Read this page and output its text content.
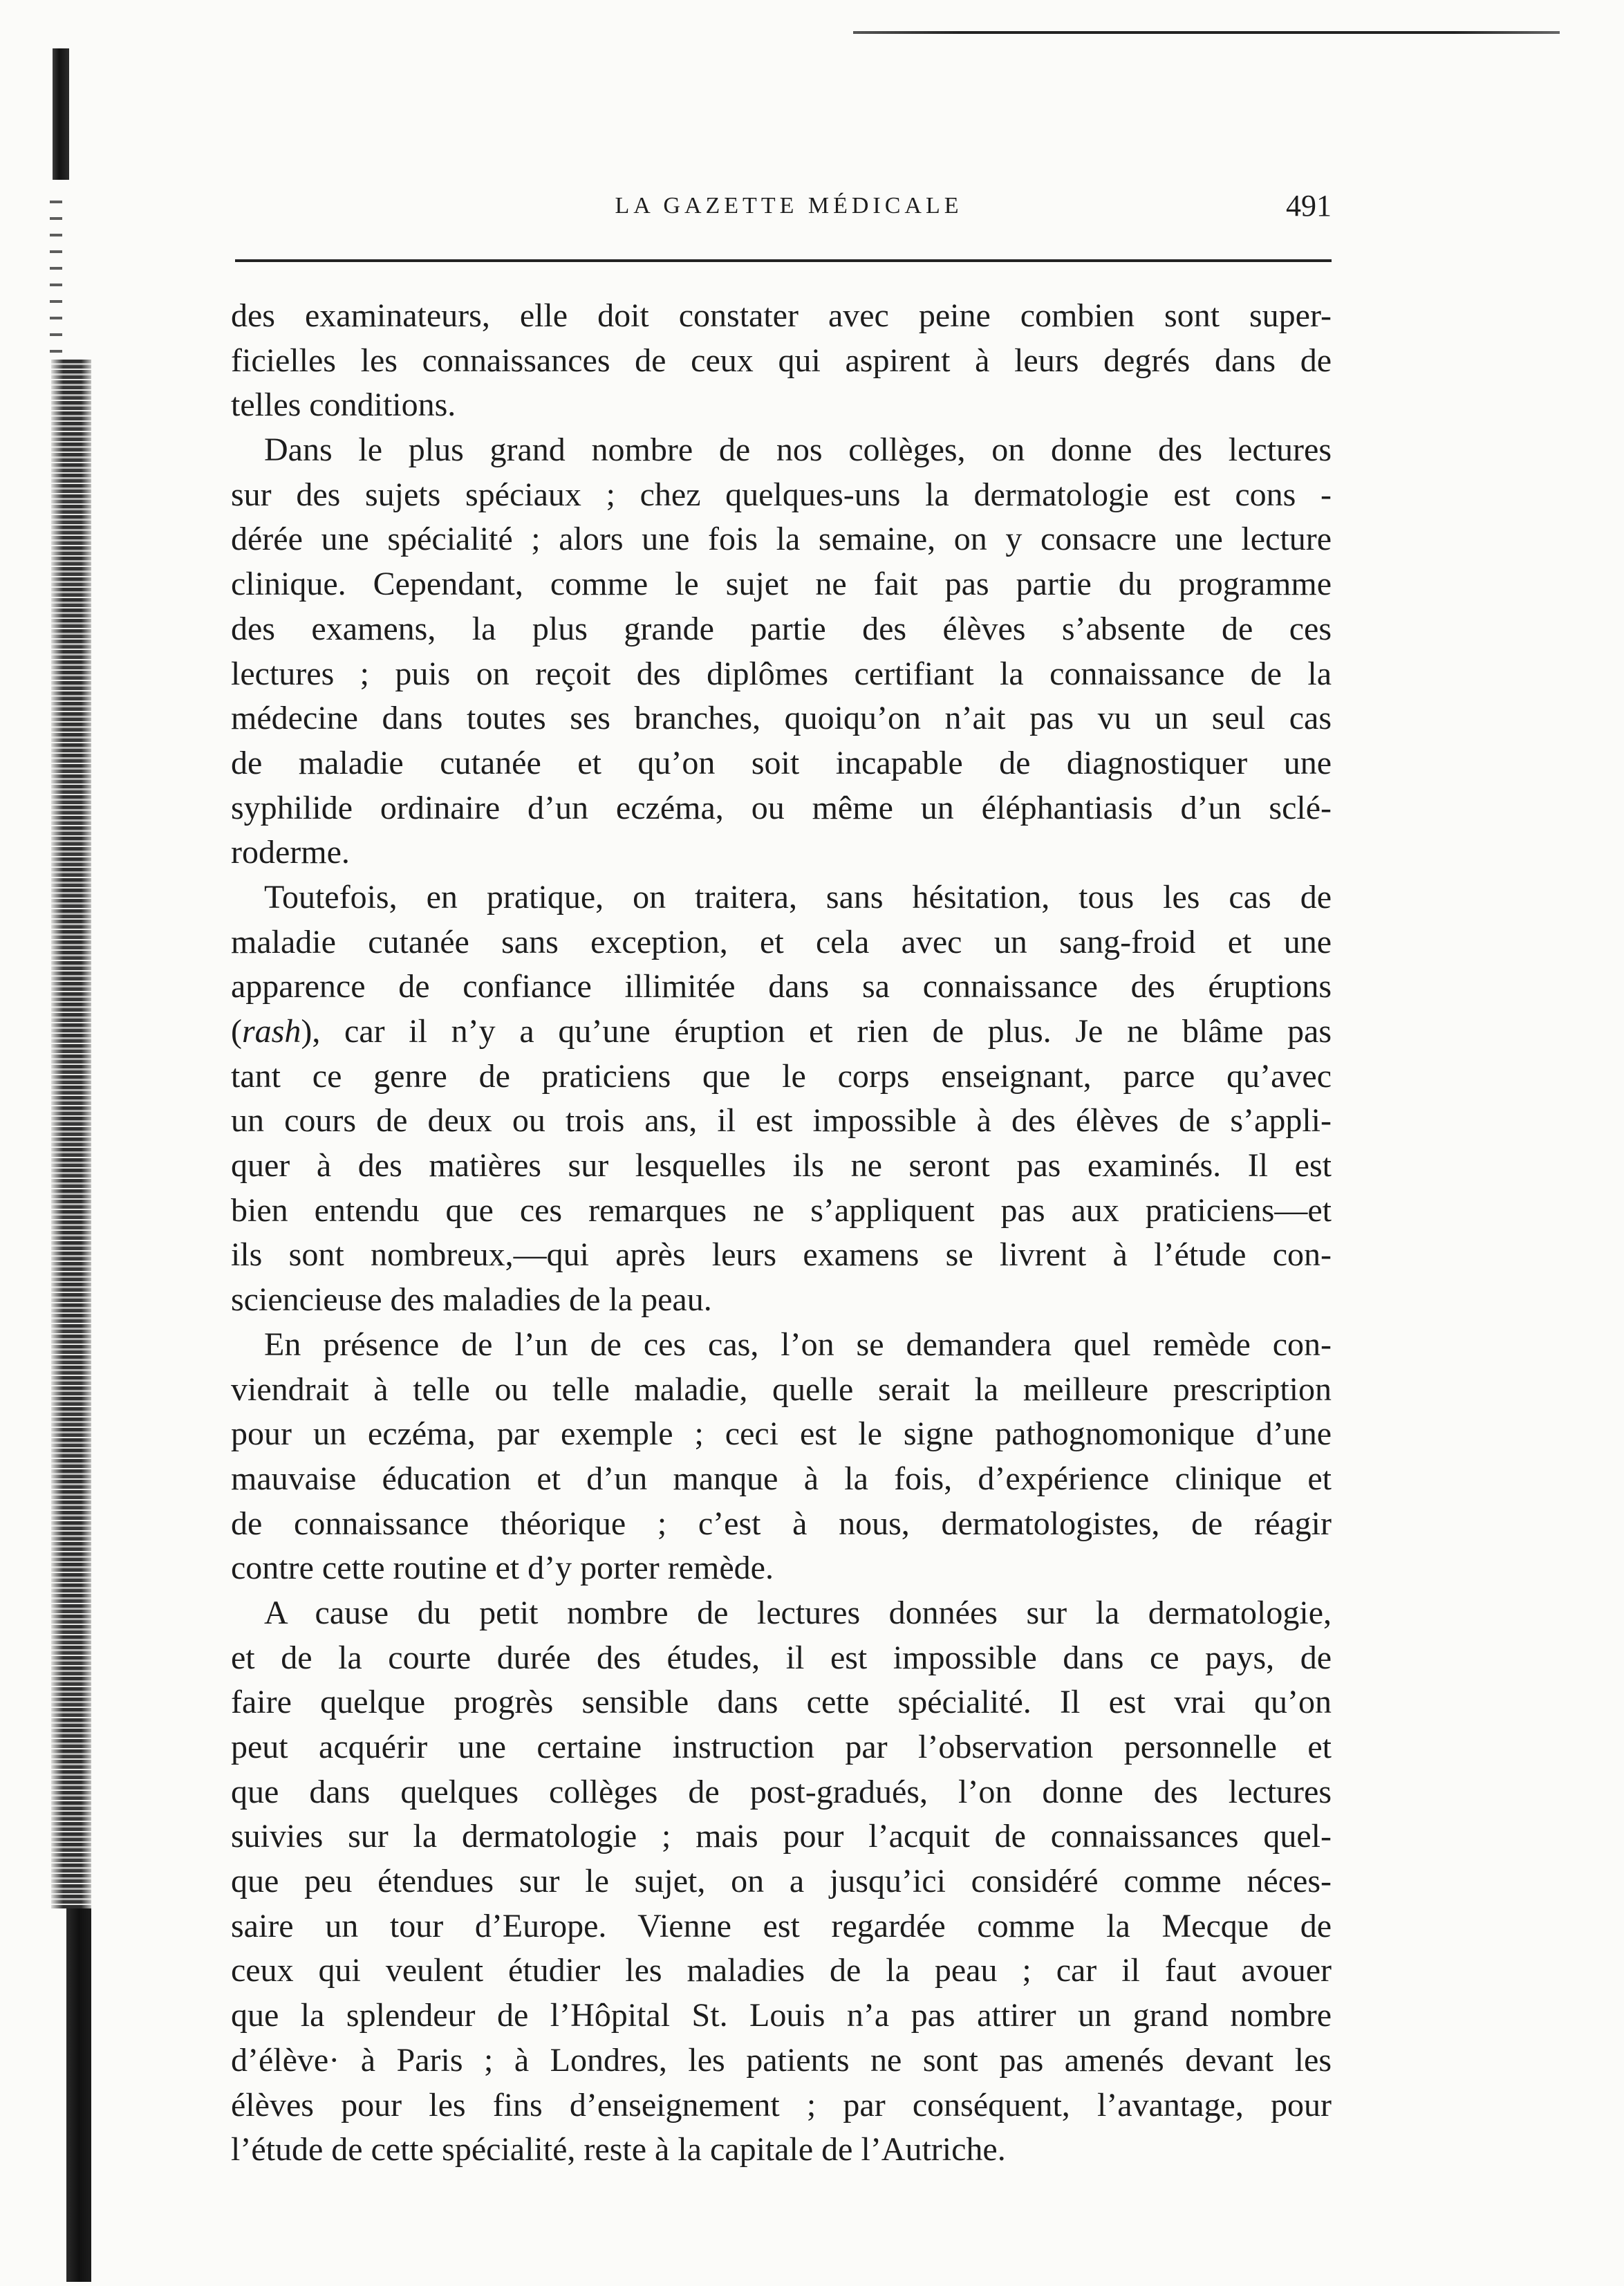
LA GAZETTE MÉDICALE	491
des examinateurs, elle doit constater avec peine combien sont super-
ficielles les connaissances de ceux qui aspirent à leurs degrés dans de
telles conditions.
Dans le plus grand nombre de nos collèges, on donne des lectures
sur des sujets spéciaux ; chez quelques-uns la dermatologie est cons -
dérée une spécialité ; alors une fois la semaine, on y consacre une lecture
clinique. Cependant, comme le sujet ne fait pas partie du programme
des examens, la plus grande partie des élèves s’absente de ces
lectures ; puis on reçoit des diplômes certifiant la connaissance de la
médecine dans toutes ses branches, quoiqu’on n’ait pas vu un seul cas
de maladie cutanée et qu’on soit incapable de diagnostiquer une
syphilide ordinaire d’un eczéma, ou même un éléphantiasis d’un sclé-
roderme.
Toutefois, en pratique, on traitera, sans hésitation, tous les cas de
maladie cutanée sans exception, et cela avec un sang-froid et une
apparence de confiance illimitée dans sa connaissance des éruptions
(rash), car il n’y a qu’une éruption et rien de plus. Je ne blâme pas
tant ce genre de praticiens que le corps enseignant, parce qu’avec
un cours de deux ou trois ans, il est impossible à des élèves de s’appli-
quer à des matières sur lesquelles ils ne seront pas examinés. Il est
bien entendu que ces remarques ne s’appliquent pas aux praticiens—et
ils sont nombreux,—qui après leurs examens se livrent à l’étude con-
sciencieuse des maladies de la peau.
En présence de l’un de ces cas, l’on se demandera quel remède con-
viendrait à telle ou telle maladie, quelle serait la meilleure prescription
pour un eczéma, par exemple ; ceci est le signe pathognomonique d’une
mauvaise éducation et d’un manque à la fois, d’expérience clinique et
de connaissance théorique ; c’est à nous, dermatologistes, de réagir
contre cette routine et d’y porter remède.
A cause du petit nombre de lectures données sur la dermatologie,
et de la courte durée des études, il est impossible dans ce pays, de
faire quelque progrès sensible dans cette spécialité. Il est vrai qu’on
peut acquérir une certaine instruction par l’observation personnelle et
que dans quelques collèges de post-gradués, l’on donne des lectures
suivies sur la dermatologie ; mais pour l’acquit de connaissances quel-
que peu étendues sur le sujet, on a jusqu’ici considéré comme néces-
saire un tour d’Europe. Vienne est regardée comme la Mecque de
ceux qui veulent étudier les maladies de la peau ; car il faut avouer
que la splendeur de l’Hôpital St. Louis n’a pas attirer un grand nombre
d’élève· à Paris ; à Londres, les patients ne sont pas amenés devant les
élèves pour les fins d’enseignement ; par conséquent, l’avantage, pour
l’étude de cette spécialité, reste à la capitale de l’Autriche.
